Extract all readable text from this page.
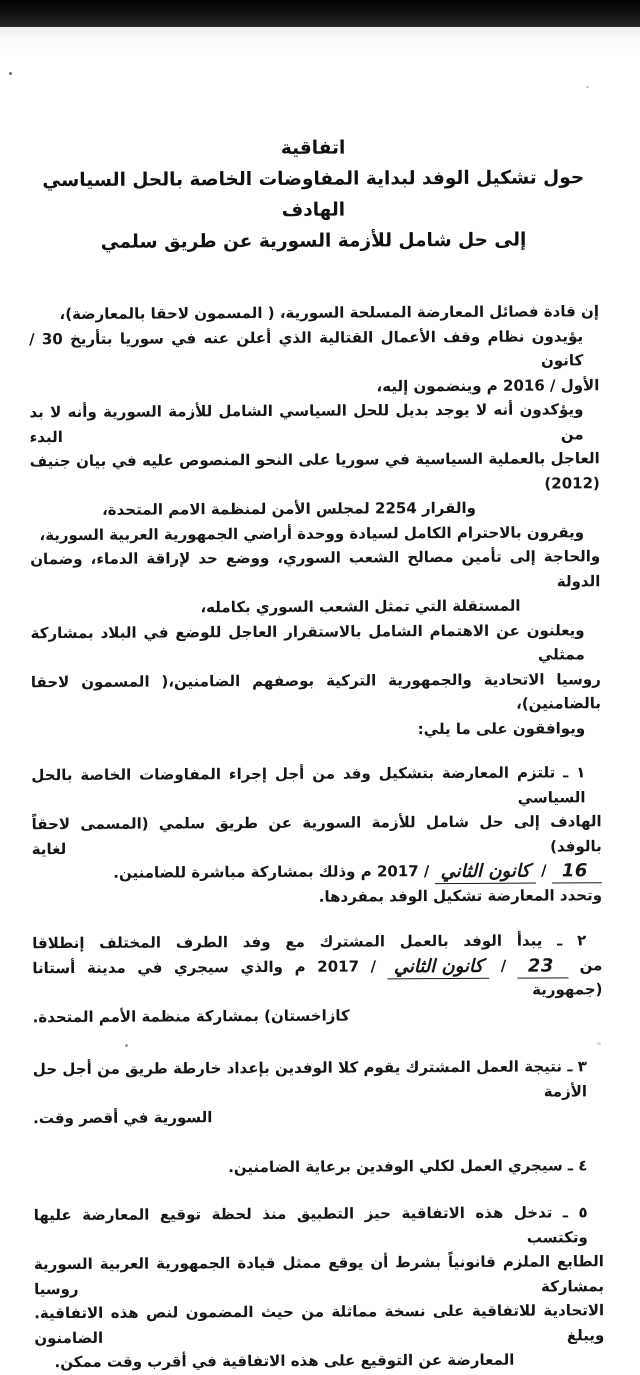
اتفاقية
حول تشكيل الوفد لبداية المفاوضات الخاصة بالحل السياسي الهادف
إلى حل شامل للأزمة السورية عن طريق سلمي
إن قادة فصائل المعارضة المسلحة السورية، ( المسمون لاحقا بالمعارضة)،
يؤيدون نظام وقف الأعمال القتالية الذي أعلن عنه في سوريا بتأريخ 30 / كانون
الأول / 2016 م وينضمون إليه،
ويؤكدون أنه لا يوجد بديل للحل السياسي الشامل للأزمة السورية وأنه لا بد من البدء
العاجل بالعملية السياسية في سوريا على النحو المنصوص عليه في بيان جنيف (2012)
والقرار 2254 لمجلس الأمن لمنظمة الامم المتحدة،
ويقرون بالاحترام الكامل لسيادة ووحدة أراضي الجمهورية العربية السورية،
والحاجة إلى تأمين مصالح الشعب السوري، ووضع حد لإراقة الدماء، وضمان الدولة
المستقلة التي تمثل الشعب السوري بكامله،
ويعلنون عن الاهتمام الشامل بالاستقرار العاجل للوضع في البلاد بمشاركة ممثلي
روسيا الاتحادية والجمهورية التركية بوصفهم الضامنين،( المسمون لاحقا بالضامنين)،
ويوافقون على ما يلي:
١ ـ تلتزم المعارضة بتشكيل وفد من أجل إجراء المفاوضات الخاصة بالحل السياسي
الهادف إلى حل شامل للأزمة السورية عن طريق سلمي (المسمى لاحقاً بالوفد) لغاية
16 / كانون الثاني / 2017 م وذلك بمشاركة مباشرة للضامنين.
وتحدد المعارضة تشكيل الوفد بمفردها.
٢ ـ يبدأ الوفد بالعمل المشترك مع وفد الطرف المختلف إنطلاقا
من 23 / كانون الثاني / 2017 م والذي سيجري في مدينة أستانا (جمهورية
كازاخستان) بمشاركة منظمة الأمم المتحدة.
٣ ـ نتيجة العمل المشترك يقوم كلا الوفدين بإعداد خارطة طريق من أجل حل الأزمة
السورية في أقصر وقت.
٤ ـ سيجري العمل لكلي الوفدين برعاية الضامنين.
٥ ـ تدخل هذه الاتفاقية حيز التطبيق منذ لحظة توقيع المعارضة عليها وتكتسب
الطابع الملزم قانونياً بشرط أن يوقع ممثل قيادة الجمهورية العربية السورية بمشاركة روسيا
الاتحادية للاتفاقية على نسخة مماثلة من حيث المضمون لنص هذه الاتفاقية. ويبلغ الضامنون
المعارضة عن التوقيع على هذه الاتفاقية في أقرب وقت ممكن.
